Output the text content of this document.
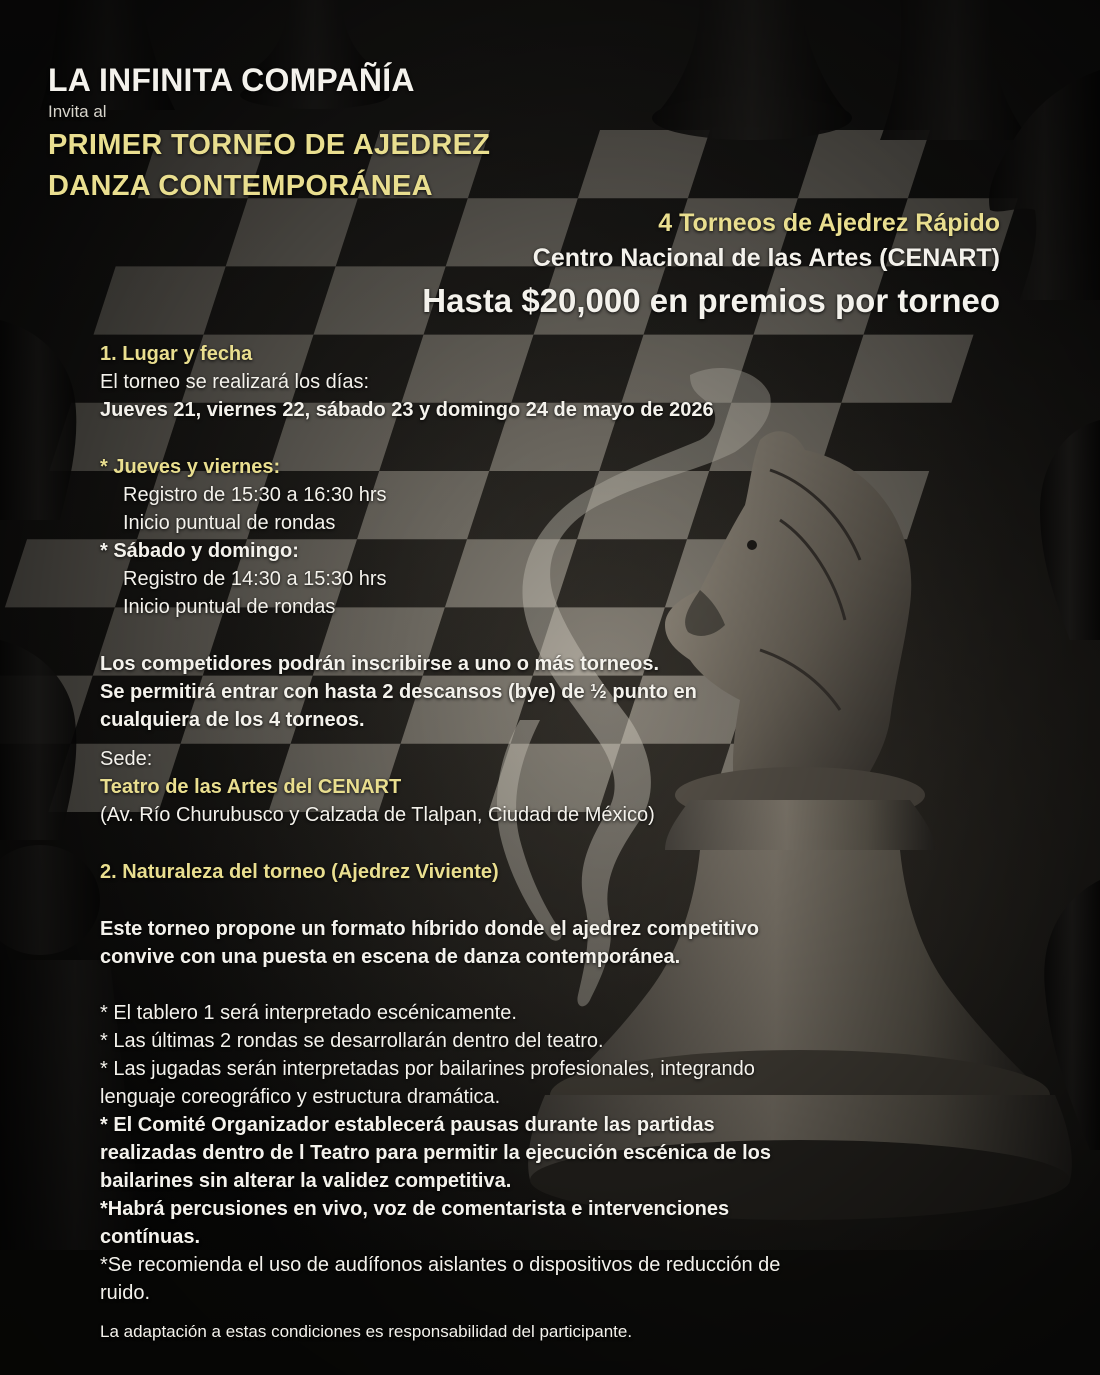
LA INFINITA COMPAÑÍA

Invita al

PRIMER TORNEO DE AJEDREZ

DANZA CONTEMPORÁNEA

4 Torneos de Ajedrez Rápido

Centro Nacional de las Artes (CENART)

Hasta $20,000 en premios por torneo

1. Lugar y fecha

El torneo se realizará los días:

Jueves 21, viernes 22, sábado 23 y domingo 24 de mayo de 2026

* Jueves y viernes:

Registro de 15:30 a 16:30 hrs

Inicio puntual de rondas

* Sábado y domingo:

Registro de 14:30 a 15:30 hrs

Inicio puntual de rondas

Los competidores podrán inscribirse a uno o más torneos.

Se permitirá entrar con hasta 2 descansos (bye) de ½ punto en

cualquiera de los 4 torneos.

Sede:

Teatro de las Artes del CENART

(Av. Río Churubusco y Calzada de Tlalpan, Ciudad de México)

2. Naturaleza del torneo (Ajedrez Viviente)

Este torneo propone un formato híbrido donde el ajedrez competitivo

convive con una puesta en escena de danza contemporánea.

* El tablero 1 será interpretado escénicamente.

* Las últimas 2 rondas se desarrollarán dentro del teatro.

* Las jugadas serán interpretadas por bailarines profesionales, integrando

lenguaje coreográfico y estructura dramática.

* El Comité Organizador establecerá pausas durante las partidas

realizadas dentro de l Teatro para permitir la ejecución escénica de los

bailarines sin alterar la validez competitiva.

*Habrá percusiones en vivo, voz de comentarista e intervenciones

contínuas.

*Se recomienda el uso de audífonos aislantes o dispositivos de reducción de

ruido.

La adaptación a estas condiciones es responsabilidad del participante.
